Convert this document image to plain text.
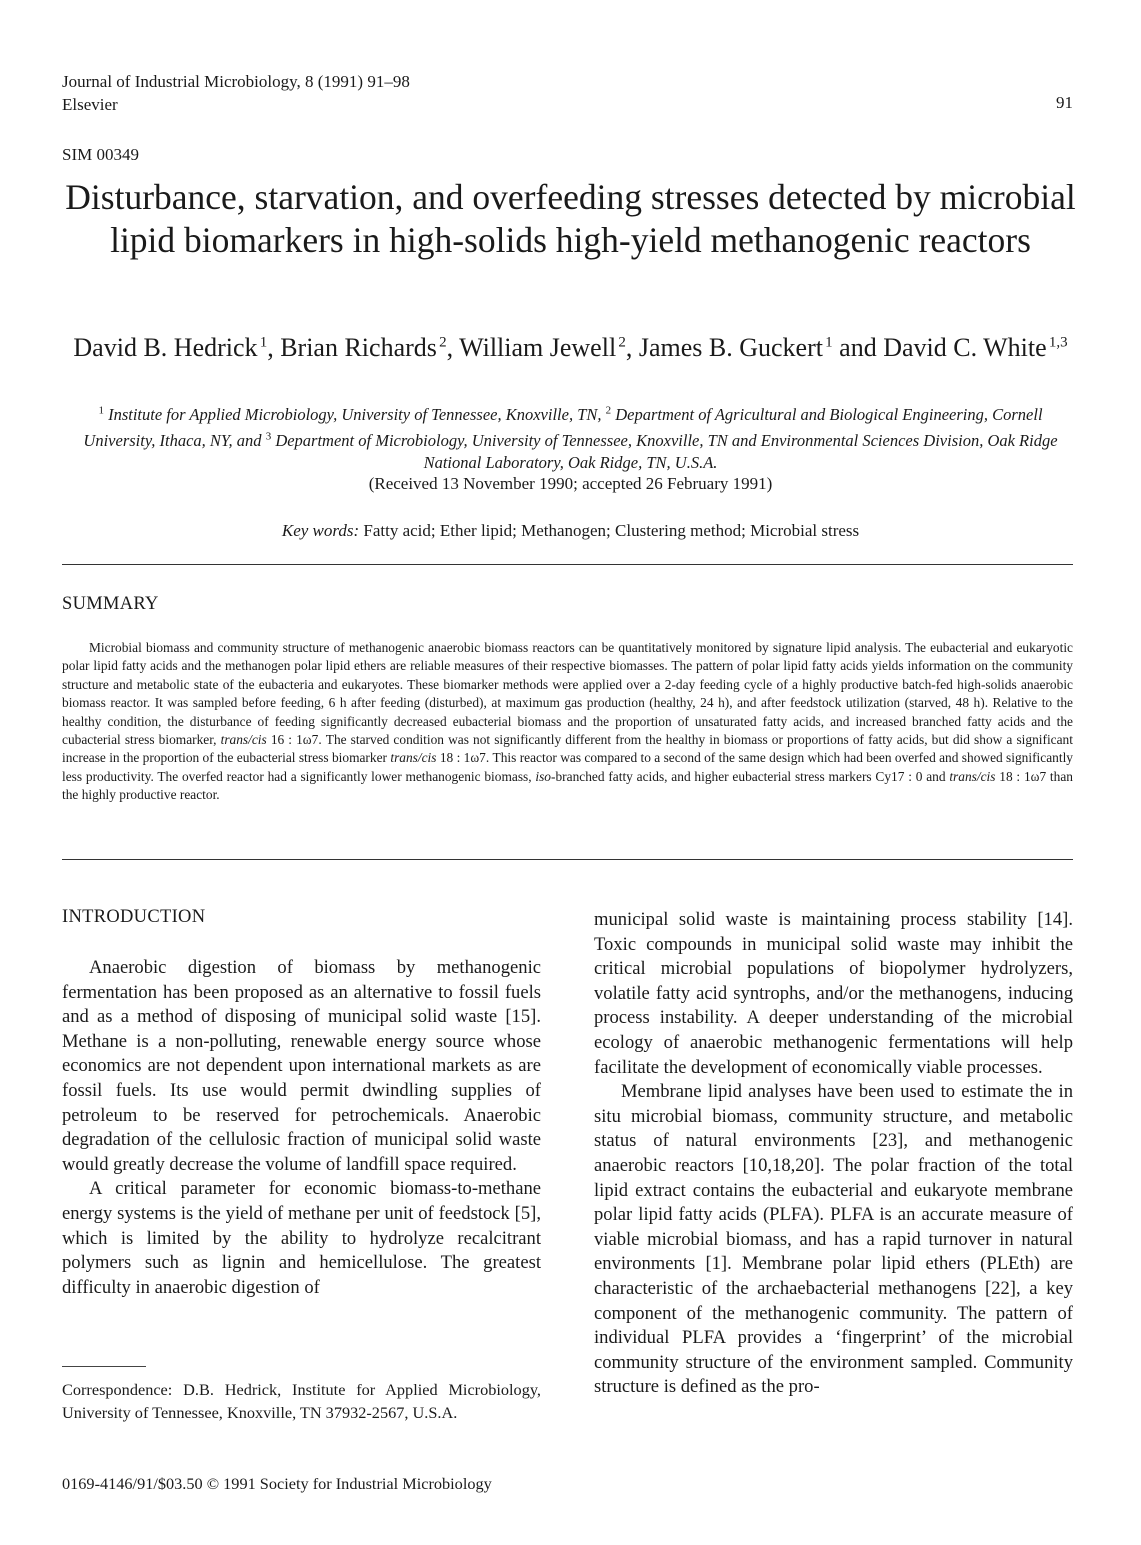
Journal of Industrial Microbiology, 8 (1991) 91–98
Elsevier	91
SIM 00349
Disturbance, starvation, and overfeeding stresses detected by microbial lipid biomarkers in high-solids high-yield methanogenic reactors
David B. Hedrick  $^1$, Brian Richards  $^2$, William Jewell  $^2$, James B. Guckert  $^1$ and David C. White  $^{1,3}$
$^1$ Institute for Applied Microbiology, University of Tennessee, Knoxville, TN, $^2$ Department of Agricultural and Biological Engineering, Cornell University, Ithaca, NY, and $^3$ Department of Microbiology, University of Tennessee, Knoxville, TN and Environmental Sciences Division, Oak Ridge National Laboratory, Oak Ridge, TN, U.S.A.
(Received 13 November 1990; accepted 26 February 1991)
Key words: Fatty acid; Ether lipid; Methanogen; Clustering method; Microbial stress
SUMMARY
Microbial biomass and community structure of methanogenic anaerobic biomass reactors can be quantitatively monitored by signature lipid analysis. The eubacterial and eukaryotic polar lipid fatty acids and the methanogen polar lipid ethers are reliable measures of their respective biomasses. The pattern of polar lipid fatty acids yields information on the community structure and metabolic state of the eubacteria and eukaryotes. These biomarker methods were applied over a 2-day feeding cycle of a highly productive batch-fed high-solids anaerobic biomass reactor. It was sampled before feeding, 6 h after feeding (disturbed), at maximum gas production (healthy, 24 h), and after feedstock utilization (starved, 48 h). Relative to the healthy condition, the disturbance of feeding significantly decreased eubacterial biomass and the proportion of unsaturated fatty acids, and increased branched fatty acids and the cubacterial stress biomarker, trans/cis 16 : 1ω7. The starved condition was not significantly different from the healthy in biomass or proportions of fatty acids, but did show a significant increase in the proportion of the eubacterial stress biomarker trans/cis 18 : 1ω7. This reactor was compared to a second of the same design which had been overfed and showed significantly less productivity. The overfed reactor had a significantly lower methanogenic biomass, iso-branched fatty acids, and higher eubacterial stress markers Cy17 : 0 and trans/cis 18 : 1ω7 than the highly productive reactor.
INTRODUCTION

Anaerobic digestion of biomass by methanogenic fermentation has been proposed as an alternative to fossil fuels and as a method of disposing of municipal solid waste [15]. Methane is a non-polluting, renewable energy source whose economics are not dependent upon international markets as are fossil fuels. Its use would permit dwindling supplies of petroleum to be reserved for petrochemicals. Anaerobic degradation of the cellulosic fraction of municipal solid waste would greatly decrease the volume of landfill space required.

A critical parameter for economic biomass-to-methane energy systems is the yield of methane per unit of feedstock [5], which is limited by the ability to hydrolyze recalcitrant polymers such as lignin and hemicellulose. The greatest difficulty in anaerobic digestion of

municipal solid waste is maintaining process stability [14]. Toxic compounds in municipal solid waste may inhibit the critical microbial populations of biopolymer hydrolyzers, volatile fatty acid syntrophs, and/or the methanogens, inducing process instability. A deeper understanding of the microbial ecology of anaerobic methanogenic fermentations will help facilitate the development of economically viable processes.

Membrane lipid analyses have been used to estimate the in situ microbial biomass, community structure, and metabolic status of natural environments [23], and methanogenic anaerobic reactors [10,18,20]. The polar fraction of the total lipid extract contains the eubacterial and eukaryote membrane polar lipid fatty acids (PLFA). PLFA is an accurate measure of viable microbial biomass, and has a rapid turnover in natural environments [1]. Membrane polar lipid ethers (PLEth) are characteristic of the archaebacterial methanogens [22], a key component of the methanogenic community. The pattern of individual PLFA provides a ‘fingerprint’ of the microbial community structure of the environment sampled. Community structure is defined as the pro-

Correspondence: D.B. Hedrick, Institute for Applied Microbiology, University of Tennessee, Knoxville, TN 37932-2567, U.S.A.
0169-4146/91/$03.50 © 1991 Society for Industrial Microbiology
